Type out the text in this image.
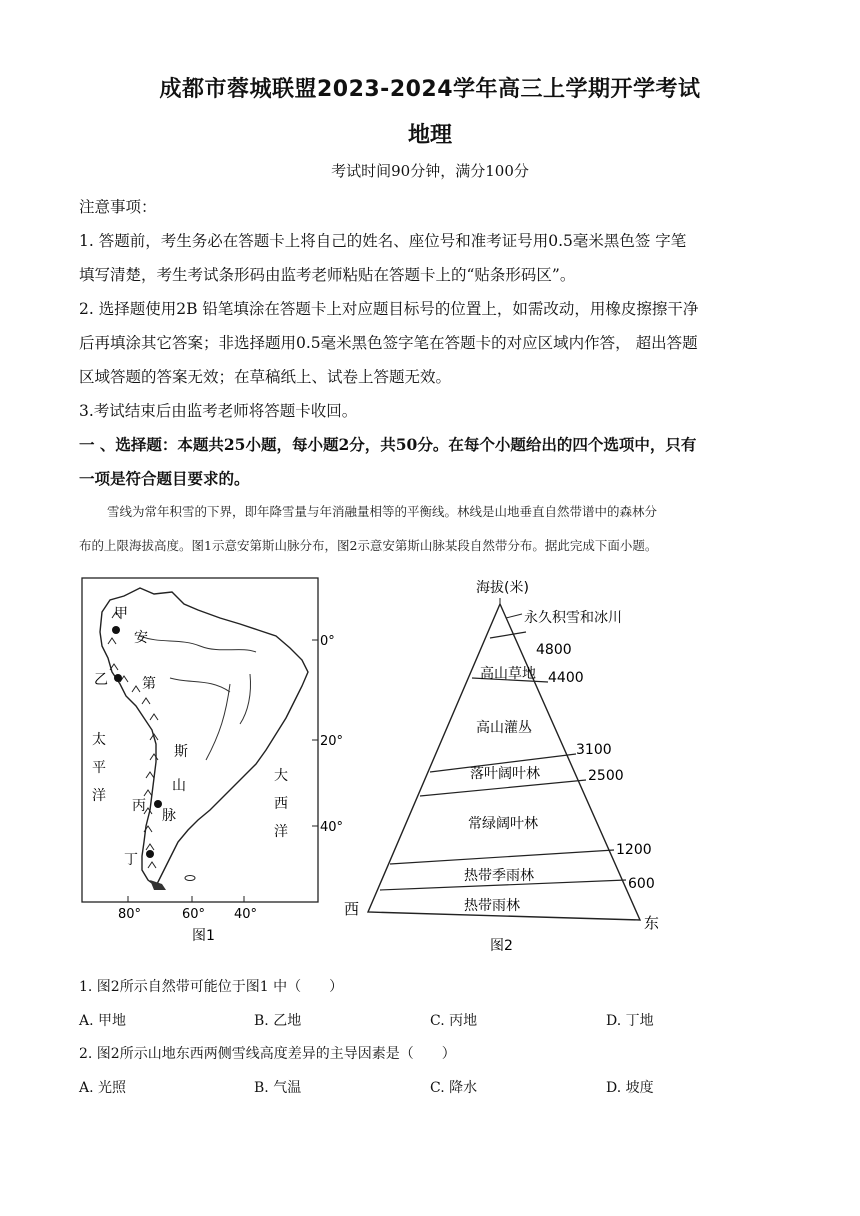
成都市蓉城联盟2023-2024学年高三上学期开学考试
地理
考试时间90分钟，满分100分
注意事项：
1. 答题前，考生务必在答题卡上将自己的姓名、座位号和准考证号用0.5毫米黑色签 字笔
填写清楚，考生考试条形码由监考老师粘贴在答题卡上的“贴条形码区”。
2. 选择题使用2B 铅笔填涂在答题卡上对应题目标号的位置上，如需改动，用橡皮擦擦干净
后再填涂其它答案；非选择题用0.5毫米黑色签字笔在答题卡的对应区域内作答， 超出答题
区域答题的答案无效；在草稿纸上、试卷上答题无效。
3.考试结束后由监考老师将答题卡收回。
一 、选择题：本题共25小题，每小题2分，共50分。在每个小题给出的四个选项中，只有
一项是符合题目要求的。
雪线为常年积雪的下界，即年降雪量与年消融量相等的平衡线。林线是山地垂直自然带谱中的森林分
布的上限海拔高度。图1示意安第斯山脉分布，图2示意安第斯山脉某段自然带分布。据此完成下面小题。
甲
乙
丙
丁
安
第
斯
山
脉
太
平
洋
大
西
洋
0°
20°
40°
80°	60° 40°
图1
海拔(米)
永久积雪和冰川
高山草地
高山灌丛
落叶阔叶林
常绿阔叶林
热带季雨林
热带雨林
4800
4400
3100
2500
1200
600
西
东
图2
1. 图2所示自然带可能位于图1 中（　　）
A. 甲地	B. 乙地	C. 丙地	D. 丁地
2. 图2所示山地东西两侧雪线高度差异的主导因素是（　　）
A. 光照	B. 气温	C. 降水	D. 坡度
